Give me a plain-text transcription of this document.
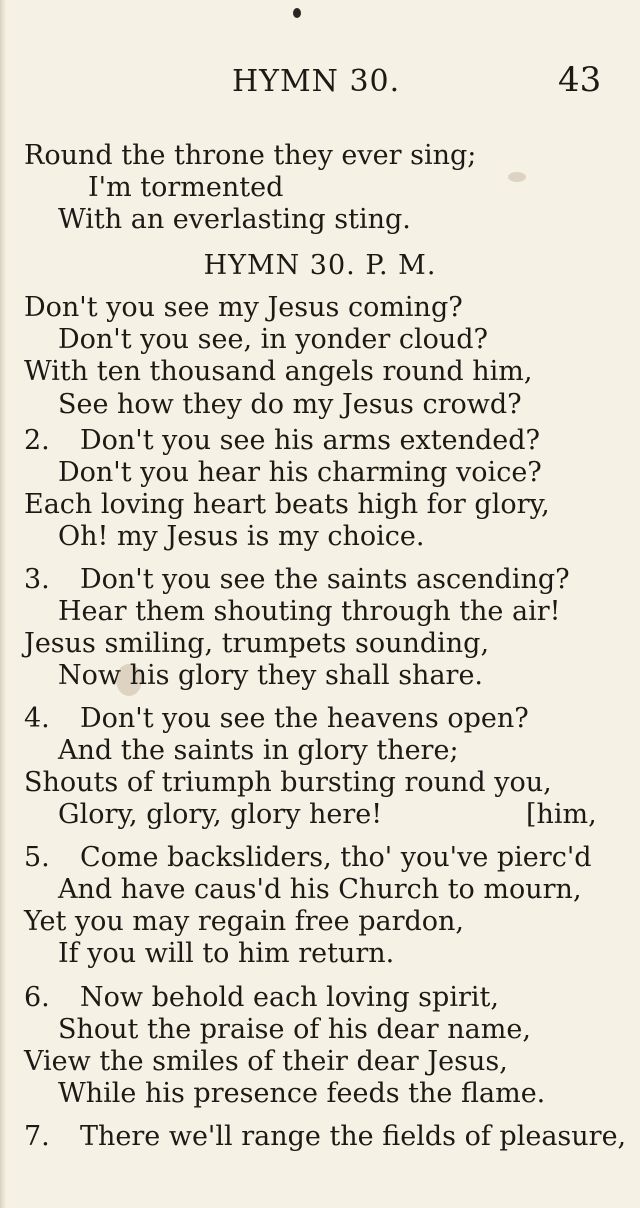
HYMN 30.	43
Round the throne they ever sing;
I'm tormented
With an everlasting sting.
HYMN 30. P. M.
Don't you see my Jesus coming?
Don't you see, in yonder cloud?
With ten thousand angels round him,
See how they do my Jesus crowd?
2. Don't you see his arms extended?
Don't you hear his charming voice?
Each loving heart beats high for glory,
Oh! my Jesus is my choice.
3. Don't you see the saints ascending?
Hear them shouting through the air!
Jesus smiling, trumpets sounding,
Now his glory they shall share.
4. Don't you see the heavens open?
And the saints in glory there;
Shouts of triumph bursting round you,
Glory, glory, glory here!	[him,
5. Come backsliders, tho' you've pierc'd
And have caus'd his Church to mourn,
Yet you may regain free pardon,
If you will to him return.
6. Now behold each loving spirit,
Shout the praise of his dear name,
View the smiles of their dear Jesus,
While his presence feeds the flame.
7. There we'll range the fields of pleasure,
